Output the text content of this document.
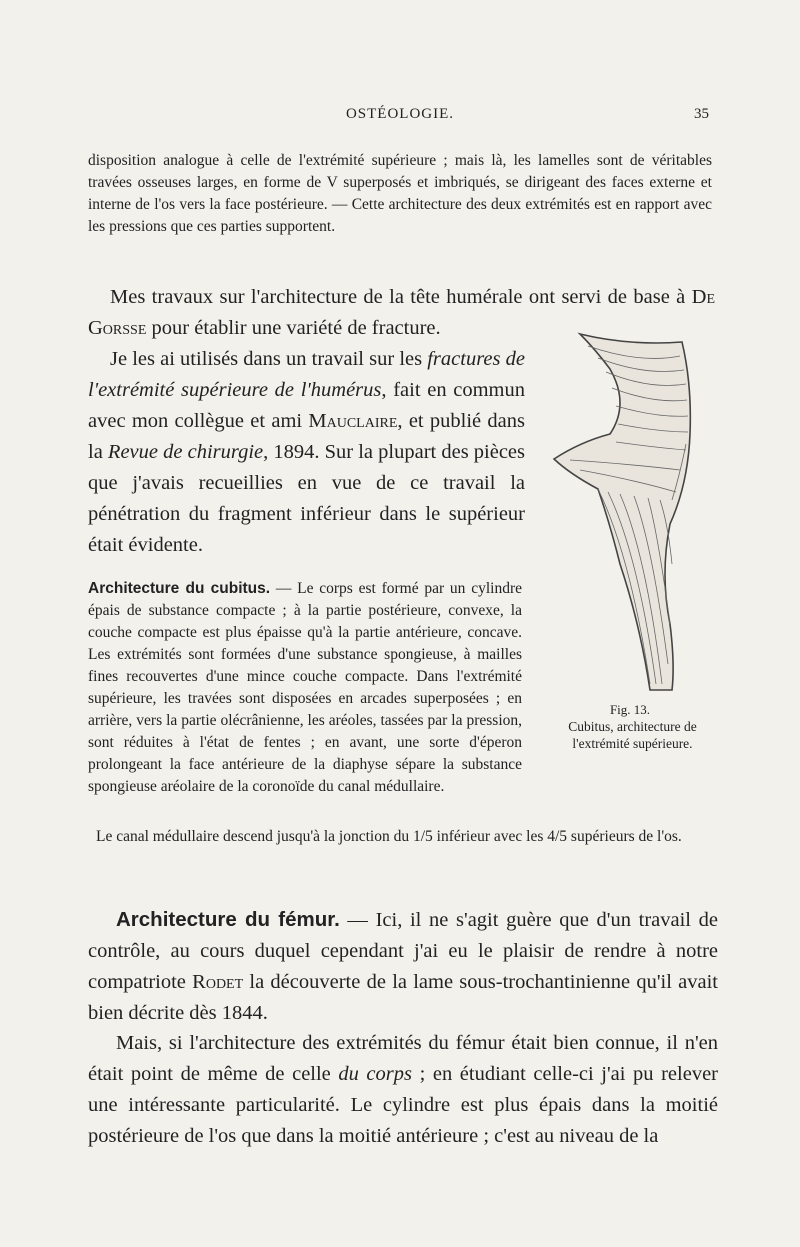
OSTÉOLOGIE.	35

disposition analogue à celle de l'extrémité supérieure ; mais là, les lamelles sont de véritables travées osseuses larges, en forme de V superposés et imbriqués, se dirigeant des faces externe et interne de l'os vers la face postérieure. — Cette architecture des deux extrémités est en rapport avec les pressions que ces parties supportent.

Mes travaux sur l'architecture de la tête humérale ont servi de base à De Gorsse pour établir une variété de fracture.

Je les ai utilisés dans un travail sur les fractures de l'extrémité supérieure de l'humérus, fait en commun avec mon collègue et ami Mauclaire, et publié dans la Revue de chirurgie, 1894. Sur la plupart des pièces que j'avais recueillies en vue de ce travail la pénétration du fragment inférieur dans le supérieur était évidente.

Fig. 13.
Cubitus, architecture de l'extrémité supérieure.

Architecture du cubitus. — Le corps est formé par un cylindre épais de substance compacte ; à la partie postérieure, convexe, la couche compacte est plus épaisse qu'à la partie antérieure, concave. Les extrémités sont formées d'une substance spongieuse, à mailles fines recouvertes d'une mince couche compacte. Dans l'extrémité supérieure, les travées sont disposées en arcades superposées ; en arrière, vers la partie olécrânienne, les aréoles, tassées par la pression, sont réduites à l'état de fentes ; en avant, une sorte d'éperon prolongeant la face antérieure de la diaphyse sépare la substance spongieuse aréolaire de la coronoïde du canal médullaire.

Le canal médullaire descend jusqu'à la jonction du 1/5 inférieur avec les 4/5 supérieurs de l'os.

Architecture du fémur. — Ici, il ne s'agit guère que d'un travail de contrôle, au cours duquel cependant j'ai eu le plaisir de rendre à notre compatriote Rodet la découverte de la lame sous-trochantinienne qu'il avait bien décrite dès 1844.

Mais, si l'architecture des extrémités du fémur était bien connue, il n'en était point de même de celle du corps ; en étudiant celle-ci j'ai pu relever une intéressante particularité. Le cylindre est plus épais dans la moitié postérieure de l'os que dans la moitié antérieure ; c'est au niveau de la
